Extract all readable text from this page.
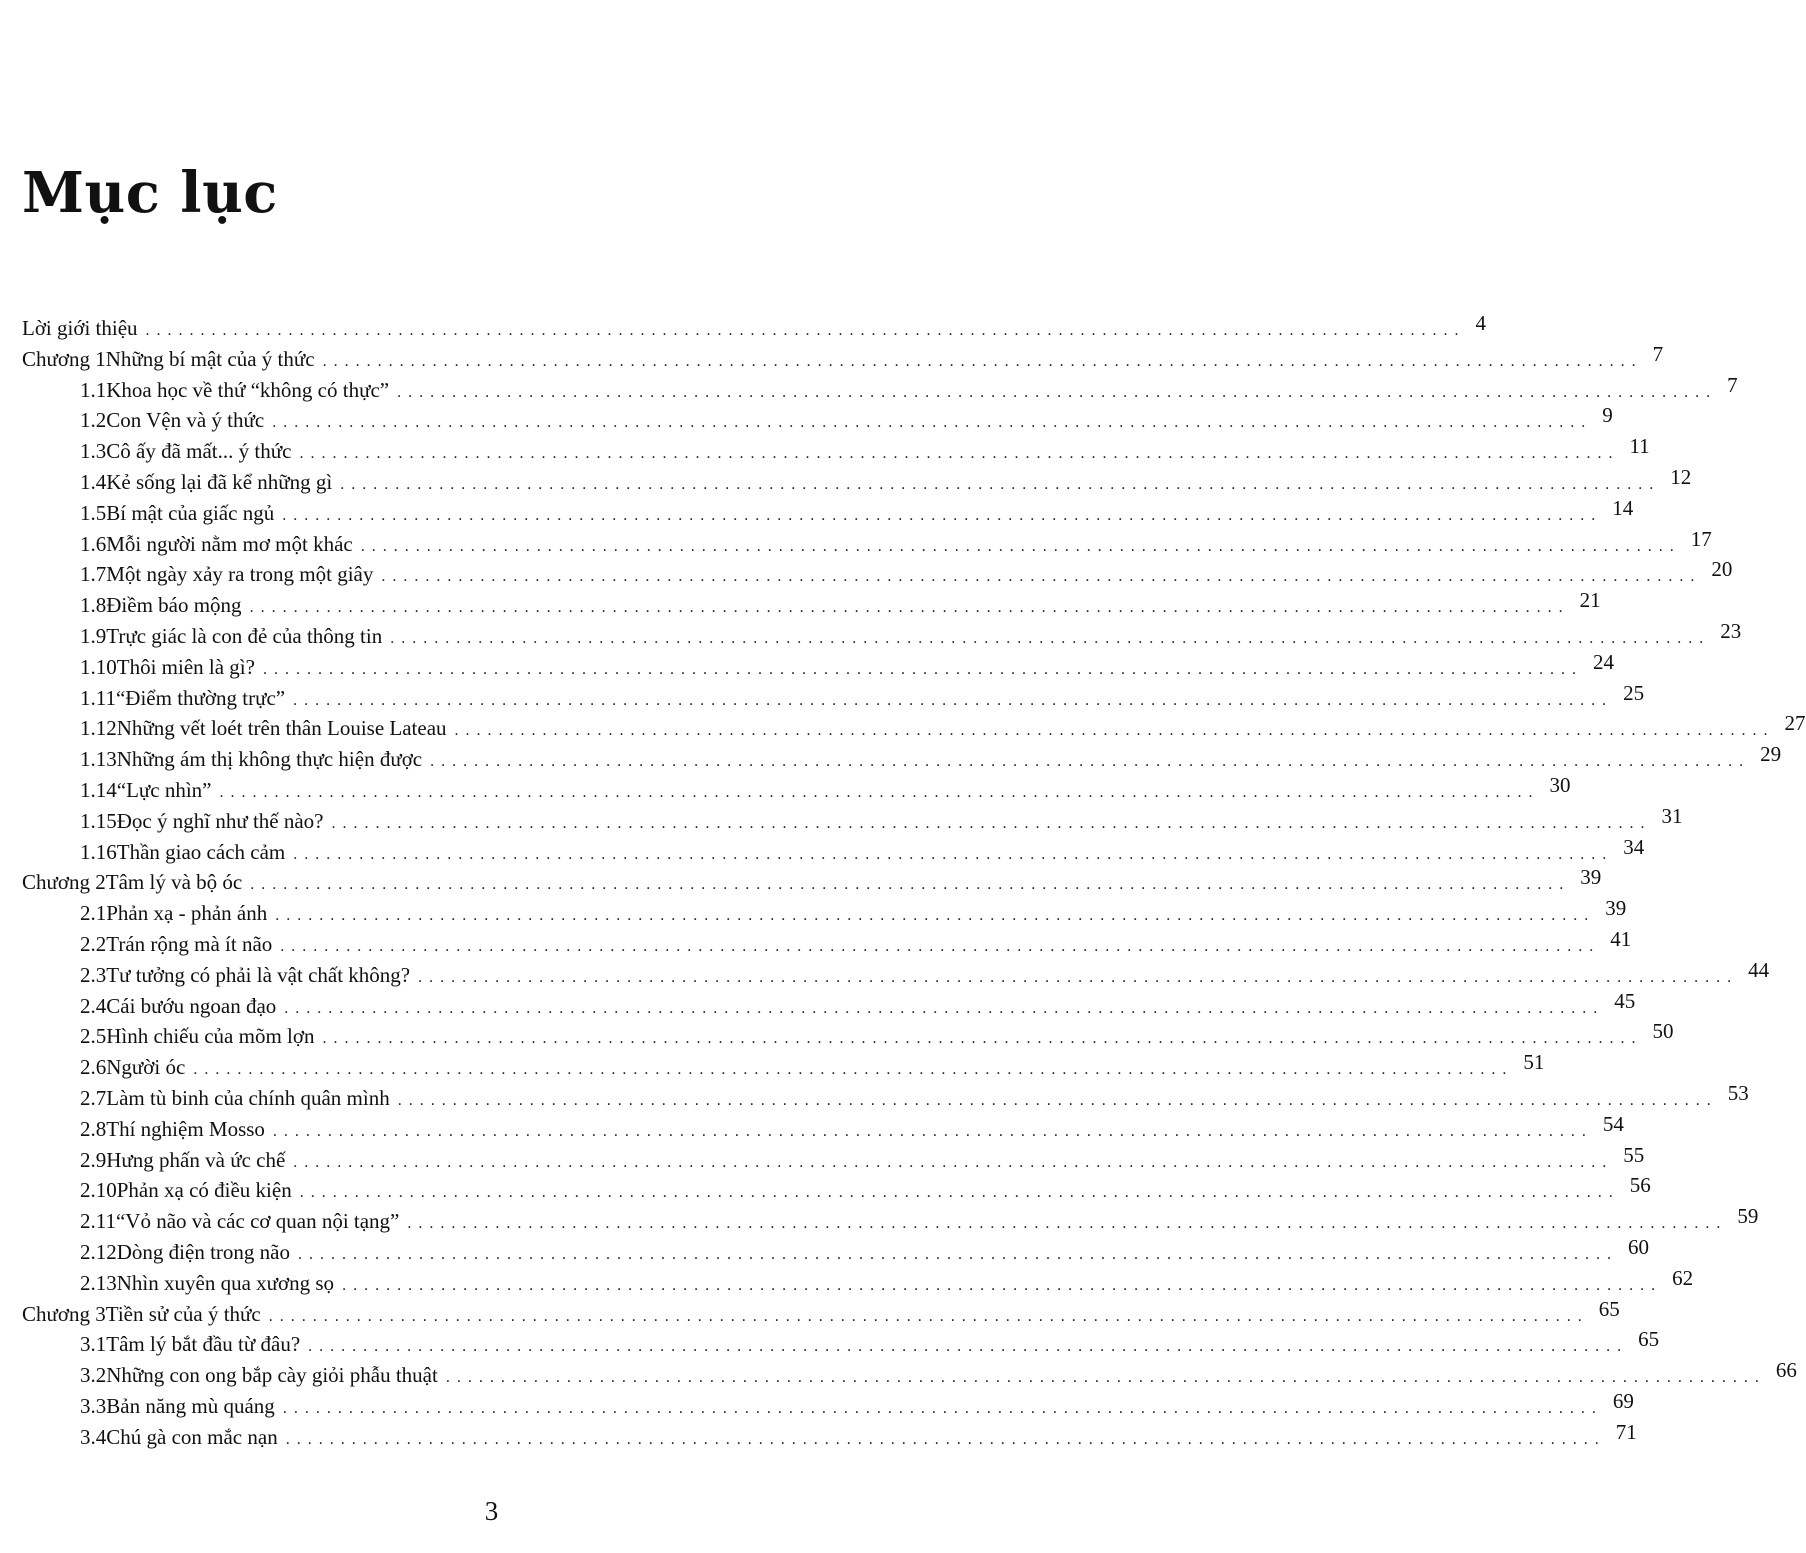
Mục lục
Lời giới thiệu ........................................................................................................................ 4
Chương 1 Những bí mật của ý thức ........................................................................................................................ 7
1.1 Khoa học về thứ “không có thực” ........................................................................................................................ 7
1.2 Con Vện và ý thức ........................................................................................................................ 9
1.3 Cô ấy đã mất... ý thức ........................................................................................................................ 11
1.4 Kẻ sống lại đã kể những gì ........................................................................................................................ 12
1.5 Bí mật của giấc ngủ ........................................................................................................................ 14
1.6 Mỗi người nằm mơ một khác ........................................................................................................................ 17
1.7 Một ngày xảy ra trong một giây ........................................................................................................................ 20
1.8 Điềm báo mộng ........................................................................................................................ 21
1.9 Trực giác là con đẻ của thông tin ........................................................................................................................ 23
1.10 Thôi miên là gì? ........................................................................................................................ 24
1.11 “Điểm thường trực” ........................................................................................................................ 25
1.12 Những vết loét trên thân Louise Lateau ........................................................................................................................ 27
1.13 Những ám thị không thực hiện được ........................................................................................................................ 29
1.14 “Lực nhìn” ........................................................................................................................ 30
1.15 Đọc ý nghĩ như thế nào? ........................................................................................................................ 31
1.16 Thần giao cách cảm ........................................................................................................................ 34
Chương 2 Tâm lý và bộ óc ........................................................................................................................ 39
2.1 Phản xạ - phản ánh ........................................................................................................................ 39
2.2 Trán rộng mà ít não ........................................................................................................................ 41
2.3 Tư tưởng có phải là vật chất không? ........................................................................................................................ 44
2.4 Cái bướu ngoan đạo ........................................................................................................................ 45
2.5 Hình chiếu của mõm lợn ........................................................................................................................ 50
2.6 Người óc ........................................................................................................................ 51
2.7 Làm tù binh của chính quân mình ........................................................................................................................ 53
2.8 Thí nghiệm Mosso ........................................................................................................................ 54
2.9 Hưng phấn và ức chế ........................................................................................................................ 55
2.10 Phản xạ có điều kiện ........................................................................................................................ 56
2.11 “Vỏ não và các cơ quan nội tạng” ........................................................................................................................ 59
2.12 Dòng điện trong não ........................................................................................................................ 60
2.13 Nhìn xuyên qua xương sọ ........................................................................................................................ 62
Chương 3 Tiền sử của ý thức ........................................................................................................................ 65
3.1 Tâm lý bắt đầu từ đâu? ........................................................................................................................ 65
3.2 Những con ong bắp cày giỏi phẫu thuật ........................................................................................................................ 66
3.3 Bản năng mù quáng ........................................................................................................................ 69
3.4 Chú gà con mắc nạn ........................................................................................................................ 71
3
